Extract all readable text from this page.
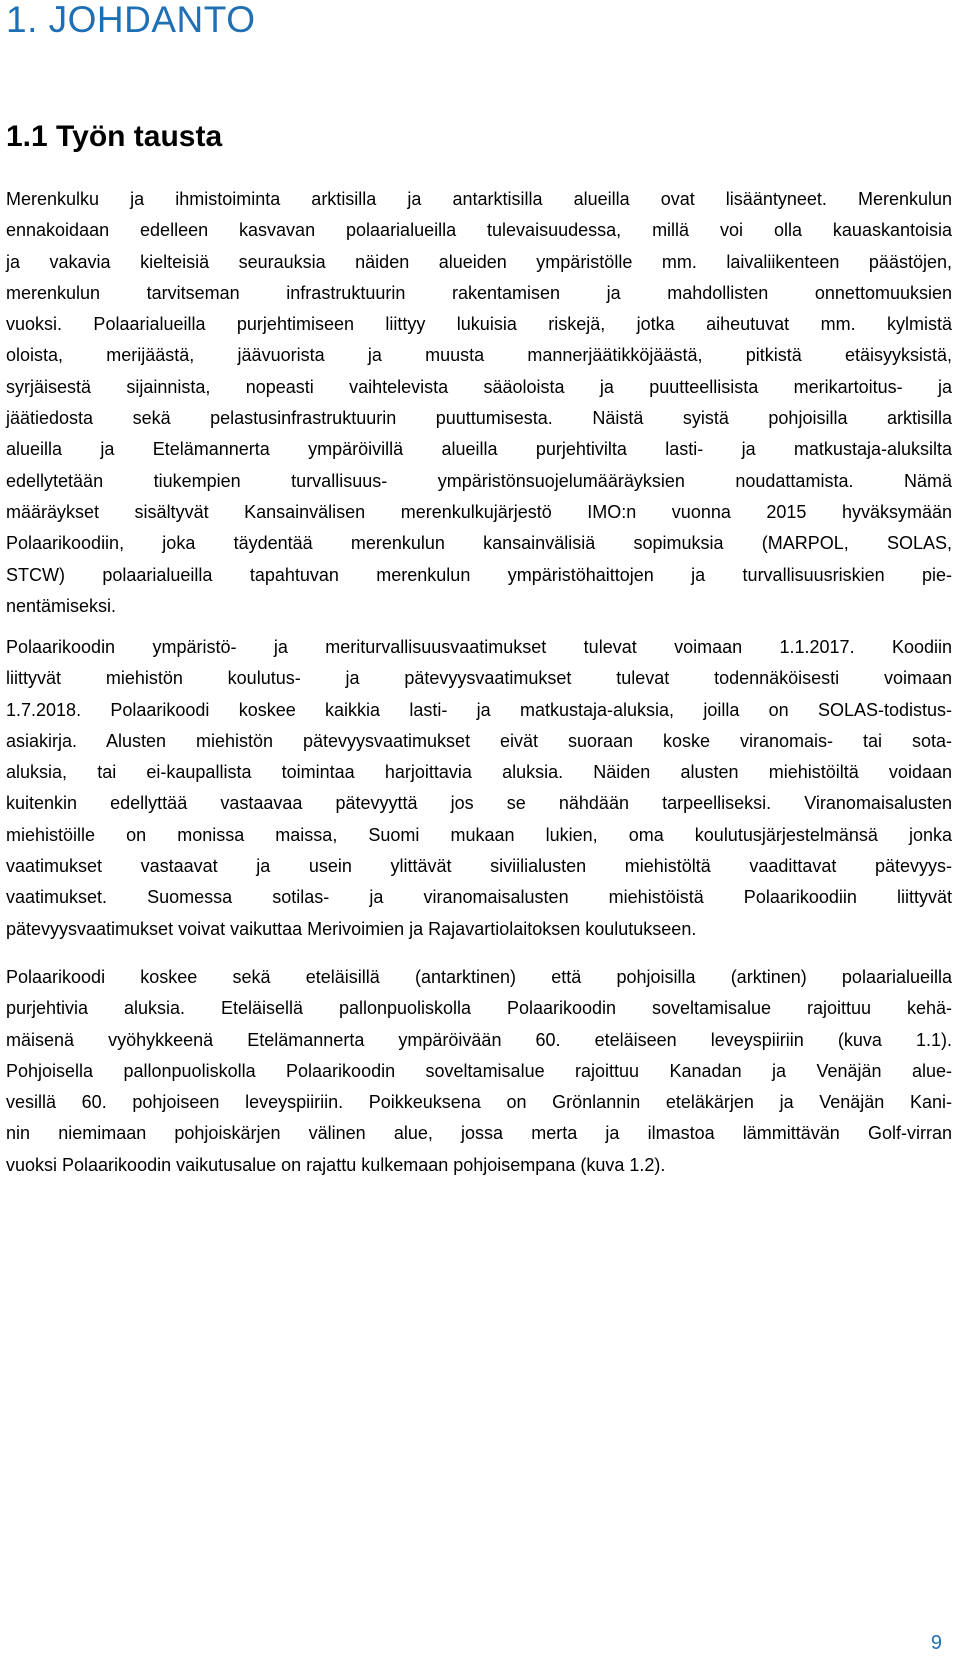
1. JOHDANTO
1.1 Työn tausta
Merenkulku ja ihmistoiminta arktisilla ja antarktisilla alueilla ovat lisääntyneet. Merenkulun
ennakoidaan edelleen kasvavan polaarialueilla tulevaisuudessa, millä voi olla kauaskantoisia
ja vakavia kielteisiä seurauksia näiden alueiden ympäristölle mm. laivaliikenteen päästöjen,
merenkulun tarvitseman infrastruktuurin rakentamisen ja mahdollisten onnettomuuksien
vuoksi. Polaarialueilla purjehtimiseen liittyy lukuisia riskejä, jotka aiheutuvat mm. kylmistä
oloista, merijäästä, jäävuorista ja muusta mannerjäätikköjäästä, pitkistä etäisyyksistä,
syrjäisestä sijainnista, nopeasti vaihtelevista sääoloista ja puutteellisista merikartoitus- ja
jäätiedosta sekä pelastusinfrastruktuurin puuttumisesta. Näistä syistä pohjoisilla arktisilla
alueilla ja Etelämannerta ympäröivillä alueilla purjehtivilta lasti- ja matkustaja-aluksilta
edellytetään tiukempien turvallisuus- ympäristönsuojelumääräyksien noudattamista. Nämä
määräykset sisältyvät Kansainvälisen merenkulkujärjestö IMO:n vuonna 2015 hyväksymään
Polaarikoodiin, joka täydentää merenkulun kansainvälisiä sopimuksia (MARPOL, SOLAS,
STCW) polaarialueilla tapahtuvan merenkulun ympäristöhaittojen ja turvallisuusriskien pie-
nentämiseksi.
Polaarikoodin ympäristö- ja meriturvallisuusvaatimukset tulevat voimaan 1.1.2017. Koodiin
liittyvät miehistön koulutus- ja pätevyysvaatimukset tulevat todennäköisesti voimaan
1.7.2018. Polaarikoodi koskee kaikkia lasti- ja matkustaja-aluksia, joilla on SOLAS-todistus-
asiakirja. Alusten miehistön pätevyysvaatimukset eivät suoraan koske viranomais- tai sota-
aluksia, tai ei-kaupallista toimintaa harjoittavia aluksia. Näiden alusten miehistöiltä voidaan
kuitenkin edellyttää vastaavaa pätevyyttä jos se nähdään tarpeelliseksi. Viranomaisalusten
miehistöille on monissa maissa, Suomi mukaan lukien, oma koulutusjärjestelmänsä jonka
vaatimukset vastaavat ja usein ylittävät siviilialusten miehistöltä vaadittavat pätevyys-
vaatimukset. Suomessa sotilas- ja viranomaisalusten miehistöistä Polaarikoodiin liittyvät
pätevyysvaatimukset voivat vaikuttaa Merivoimien ja Rajavartiolaitoksen koulutukseen.
Polaarikoodi koskee sekä eteläisillä (antarktinen) että pohjoisilla (arktinen) polaarialueilla
purjehtivia aluksia. Eteläisellä pallonpuoliskolla Polaarikoodin soveltamisalue rajoittuu kehä-
mäisenä vyöhykkeenä Etelämannerta ympäröivään 60. eteläiseen leveyspiiriin (kuva 1.1).
Pohjoisella pallonpuoliskolla Polaarikoodin soveltamisalue rajoittuu Kanadan ja Venäjän alue-
vesillä 60. pohjoiseen leveyspiiriin. Poikkeuksena on Grönlannin eteläkärjen ja Venäjän Kani-
nin niemimaan pohjoiskärjen välinen alue, jossa merta ja ilmastoa lämmittävän Golf-virran
vuoksi Polaarikoodin vaikutusalue on rajattu kulkemaan pohjoisempana (kuva 1.2).
9
